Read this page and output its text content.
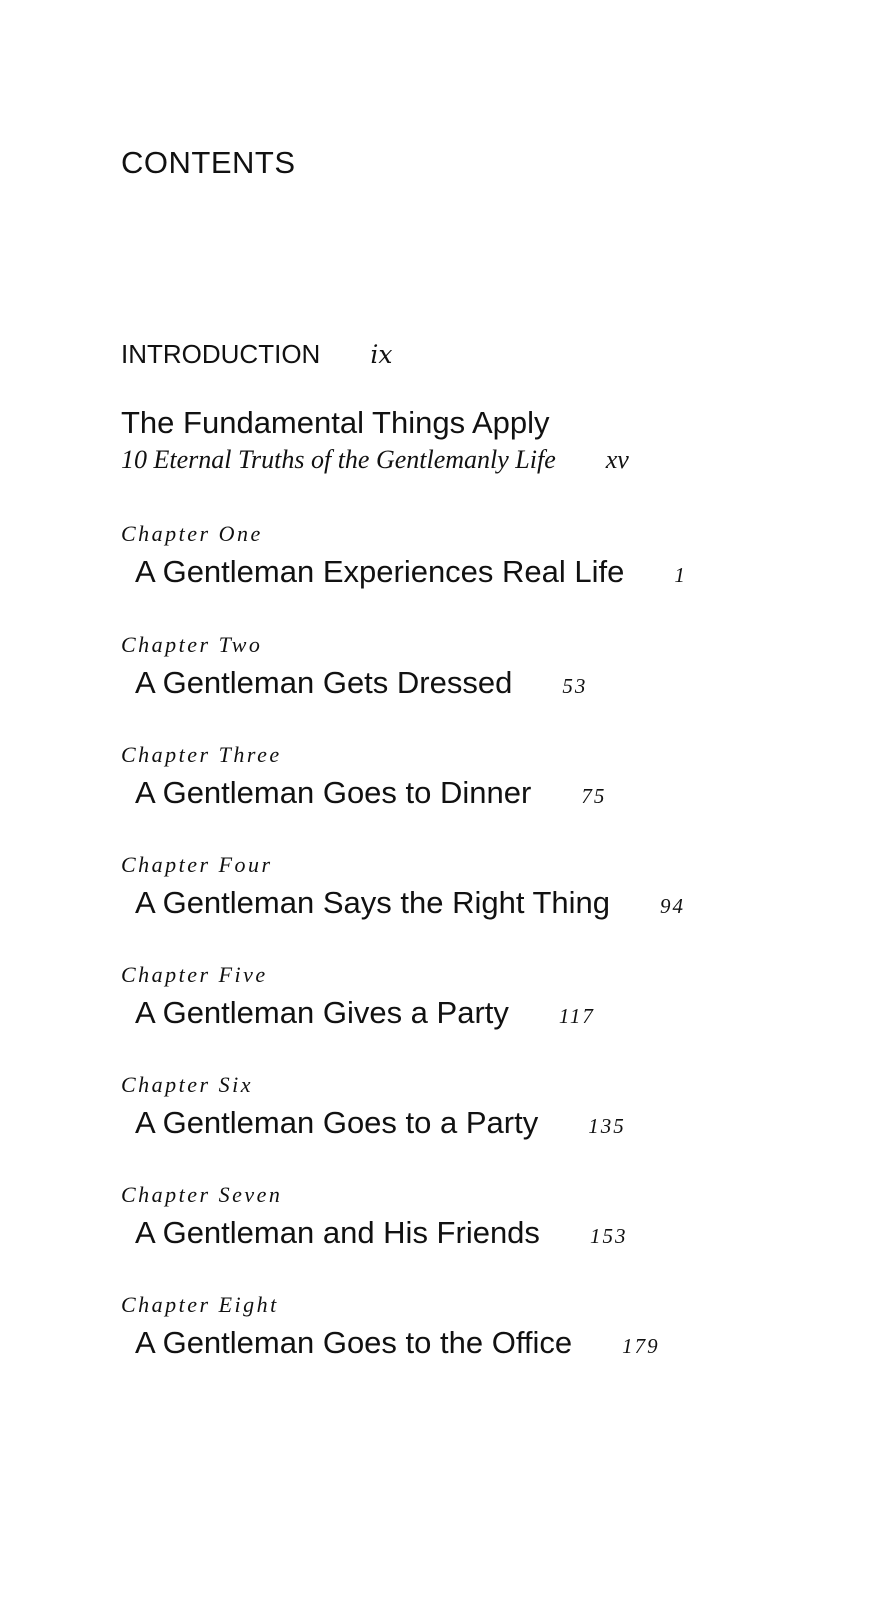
CONTENTS
INTRODUCTION ix
The Fundamental Things Apply
10 Eternal Truths of the Gentlemanly Life xv
Chapter One
A Gentleman Experiences Real Life 1
Chapter Two
A Gentleman Gets Dressed 53
Chapter Three
A Gentleman Goes to Dinner 75
Chapter Four
A Gentleman Says the Right Thing 94
Chapter Five
A Gentleman Gives a Party 117
Chapter Six
A Gentleman Goes to a Party 135
Chapter Seven
A Gentleman and His Friends 153
Chapter Eight
A Gentleman Goes to the Office 179
